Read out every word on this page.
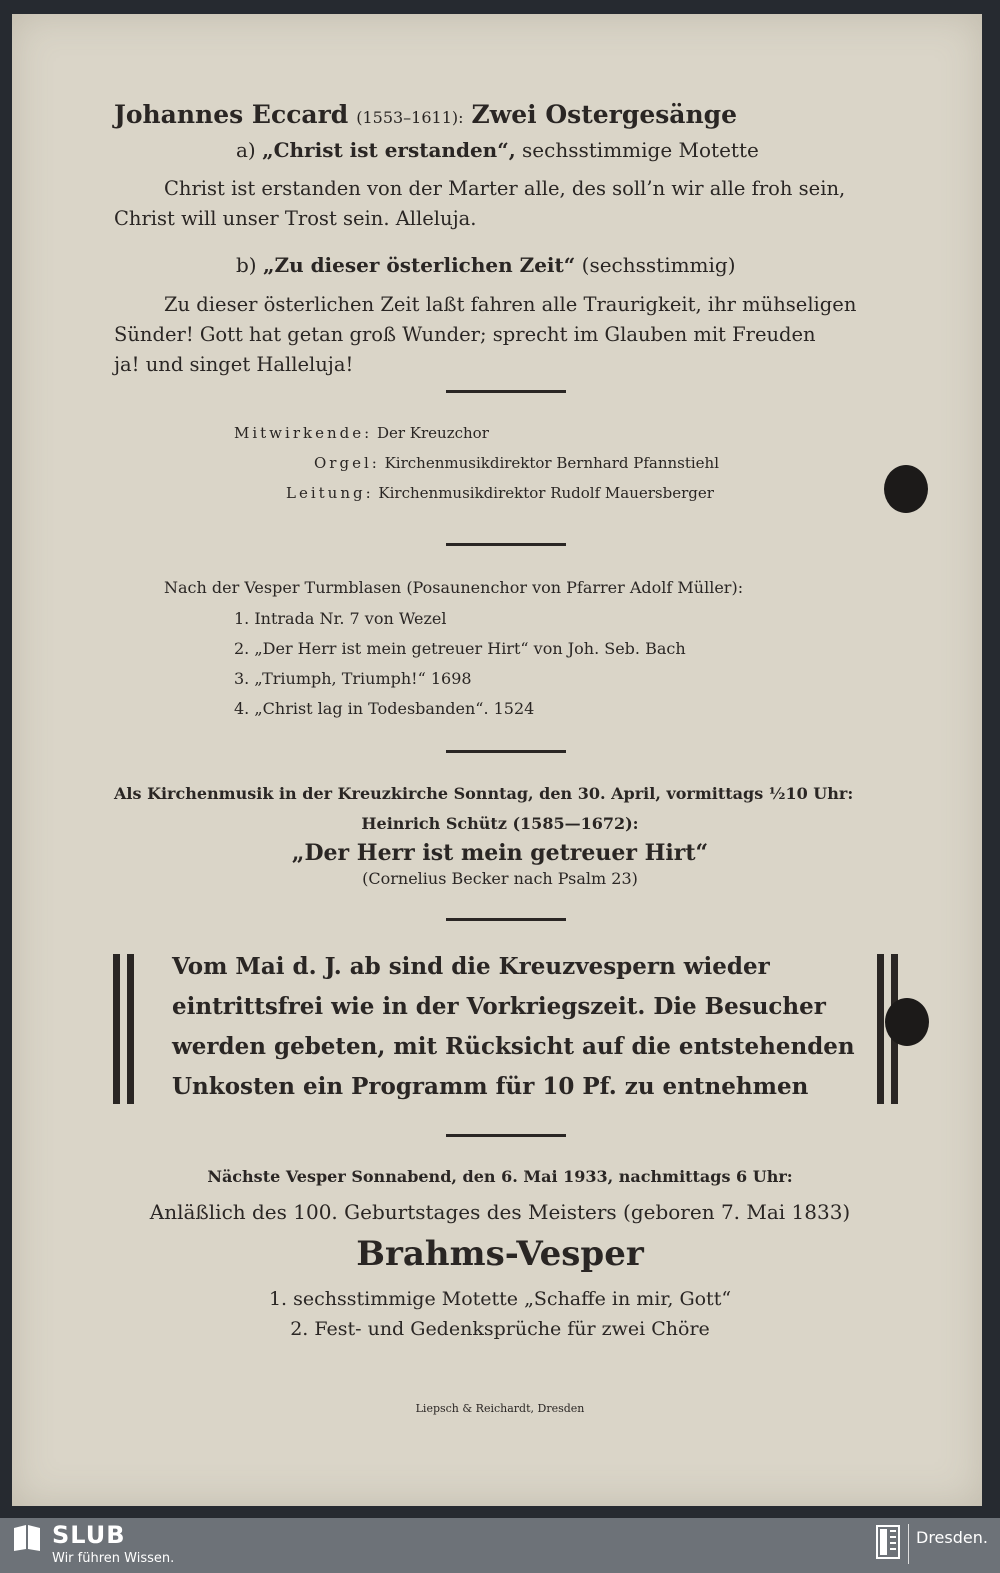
Johannes Eccard (1553–1611): Zwei Ostergesänge
a) „Christ ist erstanden“, sechsstimmige Motette
Christ ist erstanden von der Marter alle, des soll’n wir alle froh sein,
Christ will unser Trost sein. Alleluja.
b) „Zu dieser österlichen Zeit“ (sechsstimmig)
Zu dieser österlichen Zeit laßt fahren alle Traurigkeit, ihr mühseligen
Sünder! Gott hat getan groß Wunder; sprecht im Glauben mit Freuden
ja! und singet Halleluja!
Mitwirkende: Der Kreuzchor
Orgel: Kirchenmusikdirektor Bernhard Pfannstiehl
Leitung: Kirchenmusikdirektor Rudolf Mauersberger
Nach der Vesper Turmblasen (Posaunenchor von Pfarrer Adolf Müller):
1. Intrada Nr. 7 von Wezel
2. „Der Herr ist mein getreuer Hirt“ von Joh. Seb. Bach
3. „Triumph, Triumph!“ 1698
4. „Christ lag in Todesbanden“. 1524
Als Kirchenmusik in der Kreuzkirche Sonntag, den 30. April, vormittags ½10 Uhr:
Heinrich Schütz (1585—1672):
„Der Herr ist mein getreuer Hirt“
(Cornelius Becker nach Psalm 23)
Vom Mai d. J. ab sind die Kreuzvespern wieder
eintrittsfrei wie in der Vorkriegszeit. Die Besucher
werden gebeten, mit Rücksicht auf die entstehenden
Unkosten ein Programm für 10 Pf. zu entnehmen
Nächste Vesper Sonnabend, den 6. Mai 1933, nachmittags 6 Uhr:
Anläßlich des 100. Geburtstages des Meisters (geboren 7. Mai 1833)
Brahms-Vesper
1. sechsstimmige Motette „Schaffe in mir, Gott“
2. Fest- und Gedenksprüche für zwei Chöre
Liepsch & Reichardt, Dresden
SLUB
Wir führen Wissen.
Dresden.
